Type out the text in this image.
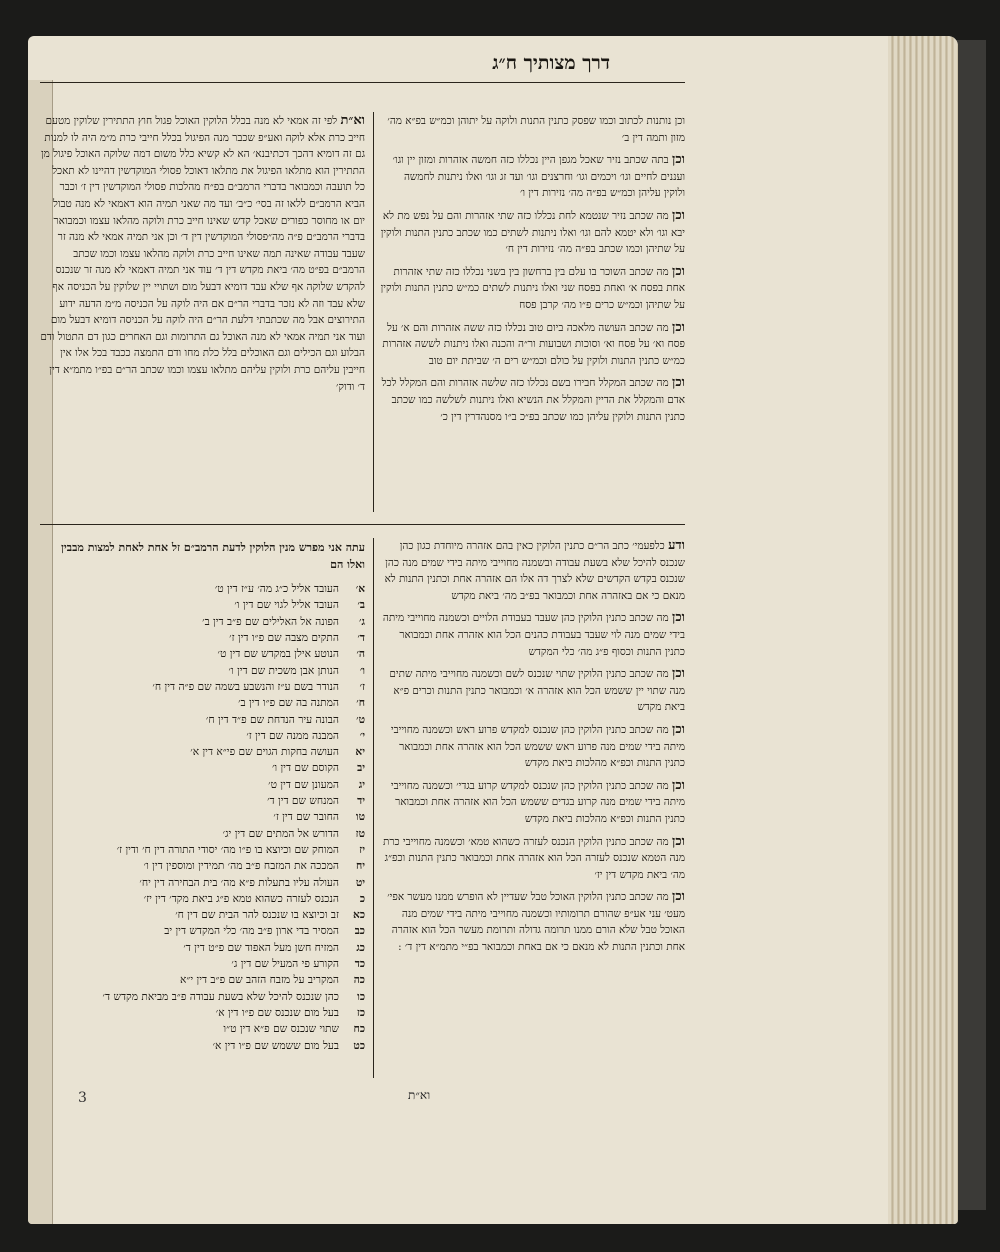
דרך מצותיך ח״ג

וכן נותנות לכתוב וכמו שפסק כתנין התנות ולוקה על יתוהן וכמ״ש בפ״א מה׳ מזון ותמה דין ב׳

וכן בתה שכתב נזיר שאכל מגפן היין נכללו כזה חמשה אזהרות ומזון יין וגו׳ ועננים לחיים וגו׳ ויכמים וגו׳ וחרצנים וגו׳ ועד זג וגו׳ ואלו ניתנות לחמשה ולוקין עליהן וכמ״ש בפ״ה מה׳ נזירות דין ו׳

וכן מה שכתב נזיר שנטמא לחת נכללו כזה שתי אזהרות והם על נפש מת לא יבא וגו׳ ולא יטמא להם וגו׳ ואלו ניתנות לשתים כמו שכתב כתנין התנות ולוקין על שתיהן וכמו שכתב בפ״ה מה׳ נזירות דין ח׳

וכן מה שכתב השוכר בו עלם בין ברחשון בין בשני נכללו כזה שתי אזהרות אחת בפסח א׳ ואחת בפסח שני ואלו ניתנות לשתים כמ״ש כתנין התנות ולוקין על שתיהן וכמ״ש כרים פ״ו מה׳ קרבן פסח

וכן מה שכתב העושה מלאכה ביום טוב נכללו כזה ששה אזהרות והם א׳ על פסח וא׳ על פסח וא׳ וסוכות ושבועות ור״ה והכנה ואלו ניתנות לששה אזהרות כמ״ש כתנין התנות ולוקין על כולם וכמ״ש רים ה׳ שביתת יום טוב

וכן מה שכתב המקלל חבירו בשם נכללו כזה שלשה אזהרות והם המקלל לכל אדם והמקלל את הדיין והמקלל את הנשיא ואלו ניתנות לשלשה כמו שכתב כתנין התנות ולוקין עליהן כמו שכתב בפ״כ ב״ו מסנהדרין דין כ׳

וא״ת לפי זה אמאי לא מנה בכלל הלוקין האוכל פגול חוץ התתירין שלוקין מטעם חייב כרת אלא לוקה ואע״פ שכבר מנה הפיגול בכלל חייבי כרת מ״מ היה לו למנות גם זה דומיא דהכך דכתיבנא׳ הא לא קשיא כלל משום דמה שלוקה האוכל פיגול מן התתירין הוא מתלאו הפיגול את מתלאו דאוכל פסולי המוקדשין דהיינו לא תאכל כל תועבה וכמבואר בדברי הרמב״ם בפ״ח מהלכות פסולי המוקדשין דין ז׳ וכבר הביא הרמב״ם ללאו זה בסי׳ כ״ב׳ ועד מה שאני תמיה הוא דאמאי לא מנה טבול יום או מחוסר כפורים שאכל קדש שאינו חייב כרת ולוקה מהלאו עצמו וכמבואר בדברי הרמב״ם פ״ה מה״פסולי המוקדשין דין ד׳ וכן אני תמיה אמאי לא מנה זר שעבד עבודה שאינה תמה שאינו חייב כרת ולוקה מהלאו עצמו וכמו שכתב הרמב״ם בפ״ט מה׳ ביאת מקדש דין ד׳ עוד אני תמיה דאמאי לא מנה זר שנכנס להקדש שלוקה אף שלא עבד דומיא דבעל מום ושתויי יין שלוקין על הכניסה אף שלא עבד וזה לא נזכר בדברי הר״ם אם היה לוקה על הכניסה מ״מ הדעה ידוע התירוצים אבל מה שכתבתי דלעת הר״ם היה לוקה על הכניסה דומיא דבעל מום ועוד אני תמיה אמאי לא מנה האוכל גם התרומות וגם האחרים כגון דם התטול ודם הבלוע וגם הכילים וגם האוכלים בלל כלת מחו ודם התמצה ככבד בכל אלו אין חייבין עליהם כרת ולוקין עליהם מתלאו עצמו וכמו שכתב הר״ם בפ״ו מתמ״א דין ד׳ ודוק׳

עתה אני מפרש מנין הלוקין לדעת הרמב״ם זל אחת לאחת למצות מבבין ואלו הם
א׳
העובד אליל כ״ג מה׳ ע״ז דין ט׳
ב׳
העובד אליל לגוי שם דין ו׳
ג׳
הפונה אל האלילים שם פ״ב דין ב׳
ד׳
התקים מצבה שם פ״ו דין ז׳
ה׳
הנוטע אילן במקדש שם דין ט׳
ו׳
הנותן אבן משכית שם דין ו׳
ז׳
הנודר בשם ע״ז והנשבע בשמה שם פ״ה דין ח׳
ח׳
המתנה בה שם פ״ו דין ב׳
ט׳
הבונה עיר הנדחת שם פ״ד דין ח׳
י׳
המבנה ממנה שם דין ז׳
יא
העושה בחקות הגוים שם פי״א דין א׳
יב
הקוסם שם דין ו׳
יג
המעונן שם דין ט׳
יד
המנחש שם דין ד׳
טו
החובר שם דין ז׳
טז
הדורש אל המתים שם דין יג׳
יז
המוחק שם וכיוצא בו פ״ו מה׳ יסודי התורה דין ח׳ ודין ז׳
יח
המככה את המזבח פ״ב מה׳ תמידין ומוספין דין ו׳
יט
העולה עליו בתעלות פ״א מה׳ בית הבחירה דין יח׳
כ
הנכנס לעזרה כשהוא טמא פ״ג ביאת מקד׳ דין יז׳
כא
זב וכיוצא בו שנכנס להר הבית שם דין ח׳
כב
המסיר בדי ארון פ״ב מה׳ כלי המקדש דין יב
כג
המזיח חשן מעל האפוד שם פ״ט דין ד׳
כד
הקורע פי המעיל שם דין ג׳
כה
המקריב על מזבח הזהב שם פ״ב דין י״א
כו
כהן שנכנס להיכל שלא בשעת עבודה פ״ב מביאת מקדש ד׳
כז
בעל מום שנכנס שם פ״ו דין א׳
כח
שתוי שנכנס שם פ״א דין ט״ו
כט
בעל מום ששמש שם פ״ו דין א׳

ודע כלפעמי׳ כתב הר״ם כתנין הלוקין כאין בהם אזהרה מיוחדת כגון כהן שנכנס להיכל שלא בשעת עבודה ובשמנה מחוייבי מיתה בידי שמים מנה כהן שנכנס בקדש הקדשים שלא לצרך דה אלו הם אזהרה אחת וכתנין התנות לא מנאם כי אם באזהרה אחת וכמבואר בפ״ב מה׳ ביאת מקדש

וכן מה שכתב כתנין הלוקין כהן שעבד בעבודת הלויים וכשמנה מחוייבי מיתה בידי שמים מנה לוי שעבד בעבודת כהנים הכל הוא אזהרה אחת וכמבואר כתנין התנות וכסוף פ״ג מה׳ כלי המקדש

וכן מה שכתב כתנין הלוקין שתוי שנכנס לשם וכשמנה מחוייבי מיתה שתים מנה שתוי יין ששמש הכל הוא אזהרה א׳ וכמבואר כתנין התנות וכרים פ״א ביאת מקדש

וכן מה שכתב כתנין הלוקין כהן שנכנס למקדש פרוע ראש וכשמנה מחוייבי מיתה בידי שמים מנה פרוע ראש ששמש הכל הוא אזהרה אחת וכמבואר כתנין התנות וכפ״א מהלכות ביאת מקדש

וכן מה שכתב כתנין הלוקין כהן שנכנס למקדש קרוע בגדי׳ וכשמנה מחוייבי מיתה בידי שמים מנה קרוע בגדים ששמש הכל הוא אזהרה אחת וכמבואר כתנין התנות וכפ״א מהלכות ביאת מקדש

וכן מה שכתב כתנין הלוקין הנכנס לעזרה כשהוא טמא׳ וכשמנה מחוייבי כרת מנה הטמא שנכנס לעזרה הכל הוא אזהרה אחת וכמבואר כתנין התנות וכפ״ג מה׳ ביאת מקדש דין יז׳

וכן מה שכתב כתנין הלוקין האוכל טבל שעדיין לא הופרש ממנו מעשר אפי׳ מעט׳ עני אע״פ שהורם תרומותיו וכשמנה מחוייבי מיתה בידי שמים מנה האוכל טבל שלא הורם ממנו תרומה גדולה ותרומת מעשר הכל הוא אזהרה אחת וכתנין התנות לא מנאם כי אם באחת וכמבואר בפ״י מתמ״א דין ד׳ :

3	וא״ת
